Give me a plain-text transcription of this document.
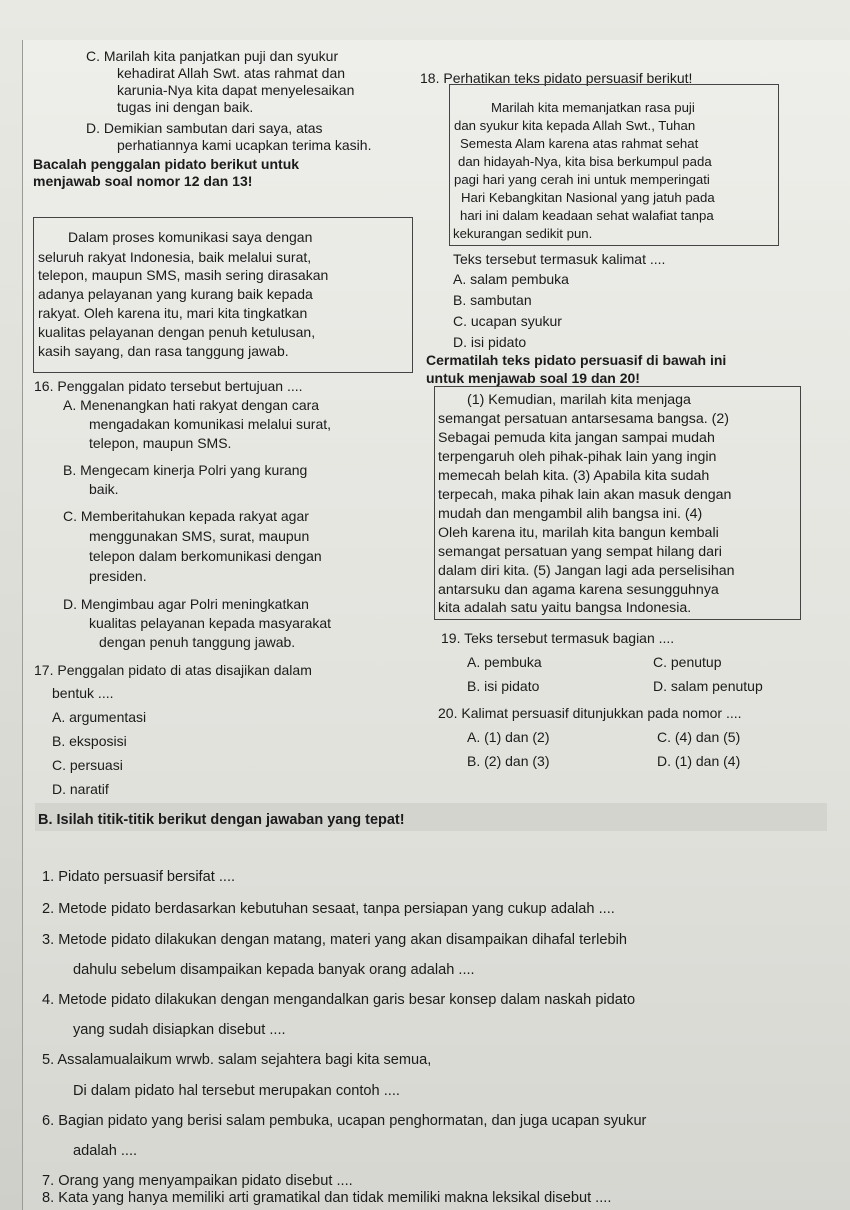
C. Marilah kita panjatkan puji dan syukur
kehadirat Allah Swt. atas rahmat dan
karunia-Nya kita dapat menyelesaikan
tugas ini dengan baik.
D. Demikian sambutan dari saya, atas
perhatiannya kami ucapkan terima kasih.
Bacalah penggalan pidato berikut untuk
menjawab soal nomor 12 dan 13!
Dalam proses komunikasi saya dengan
seluruh rakyat Indonesia, baik melalui surat,
telepon, maupun SMS, masih sering dirasakan
adanya pelayanan yang kurang baik kepada
rakyat. Oleh karena itu, mari kita tingkatkan
kualitas pelayanan dengan penuh ketulusan,
kasih sayang, dan rasa tanggung jawab.
16. Penggalan pidato tersebut bertujuan ....
A. Menenangkan hati rakyat dengan cara
mengadakan komunikasi melalui surat,
telepon, maupun SMS.
B. Mengecam kinerja Polri yang kurang
baik.
C. Memberitahukan kepada rakyat agar
menggunakan SMS, surat, maupun
telepon dalam berkomunikasi dengan
presiden.
D. Mengimbau agar Polri meningkatkan
kualitas pelayanan kepada masyarakat
dengan penuh tanggung jawab.
17. Penggalan pidato di atas disajikan dalam
bentuk ....
A. argumentasi
B. eksposisi
C. persuasi
D. naratif
18. Perhatikan teks pidato persuasif berikut!
Marilah kita memanjatkan rasa puji
dan syukur kita kepada Allah Swt., Tuhan
Semesta Alam karena atas rahmat sehat
dan hidayah-Nya, kita bisa berkumpul pada
pagi hari yang cerah ini untuk memperingati
Hari Kebangkitan Nasional yang jatuh pada
hari ini dalam keadaan sehat walafiat tanpa
kekurangan sedikit pun.
Teks tersebut termasuk kalimat ....
A. salam pembuka
B. sambutan
C. ucapan syukur
D. isi pidato
Cermatilah teks pidato persuasif di bawah ini
untuk menjawab soal 19 dan 20!
(1) Kemudian, marilah kita menjaga
semangat persatuan antarsesama bangsa. (2)
Sebagai pemuda kita jangan sampai mudah
terpengaruh oleh pihak-pihak lain yang ingin
memecah belah kita. (3) Apabila kita sudah
terpecah, maka pihak lain akan masuk dengan
mudah dan mengambil alih bangsa ini. (4)
Oleh karena itu, marilah kita bangun kembali
semangat persatuan yang sempat hilang dari
dalam diri kita. (5) Jangan lagi ada perselisihan
antarsuku dan agama karena sesungguhnya
kita adalah satu yaitu bangsa Indonesia.
19. Teks tersebut termasuk bagian ....
A. pembuka	C. penutup
B. isi pidato	D. salam penutup
20. Kalimat persuasif ditunjukkan pada nomor ....
A. (1) dan (2)	C. (4) dan (5)
B. (2) dan (3)	D. (1) dan (4)
B. Isilah titik-titik berikut dengan jawaban yang tepat!
1. Pidato persuasif bersifat ....
2. Metode pidato berdasarkan kebutuhan sesaat, tanpa persiapan yang cukup adalah ....
3. Metode pidato dilakukan dengan matang, materi yang akan disampaikan dihafal terlebih
dahulu sebelum disampaikan kepada banyak orang adalah ....
4. Metode pidato dilakukan dengan mengandalkan garis besar konsep dalam naskah pidato
yang sudah disiapkan disebut ....
5. Assalamualaikum wrwb. salam sejahtera bagi kita semua,
Di dalam pidato hal tersebut merupakan contoh ....
6. Bagian pidato yang berisi salam pembuka, ucapan penghormatan, dan juga ucapan syukur
adalah ....
7. Orang yang menyampaikan pidato disebut ....
8. Kata yang hanya memiliki arti gramatikal dan tidak memiliki makna leksikal disebut ....
